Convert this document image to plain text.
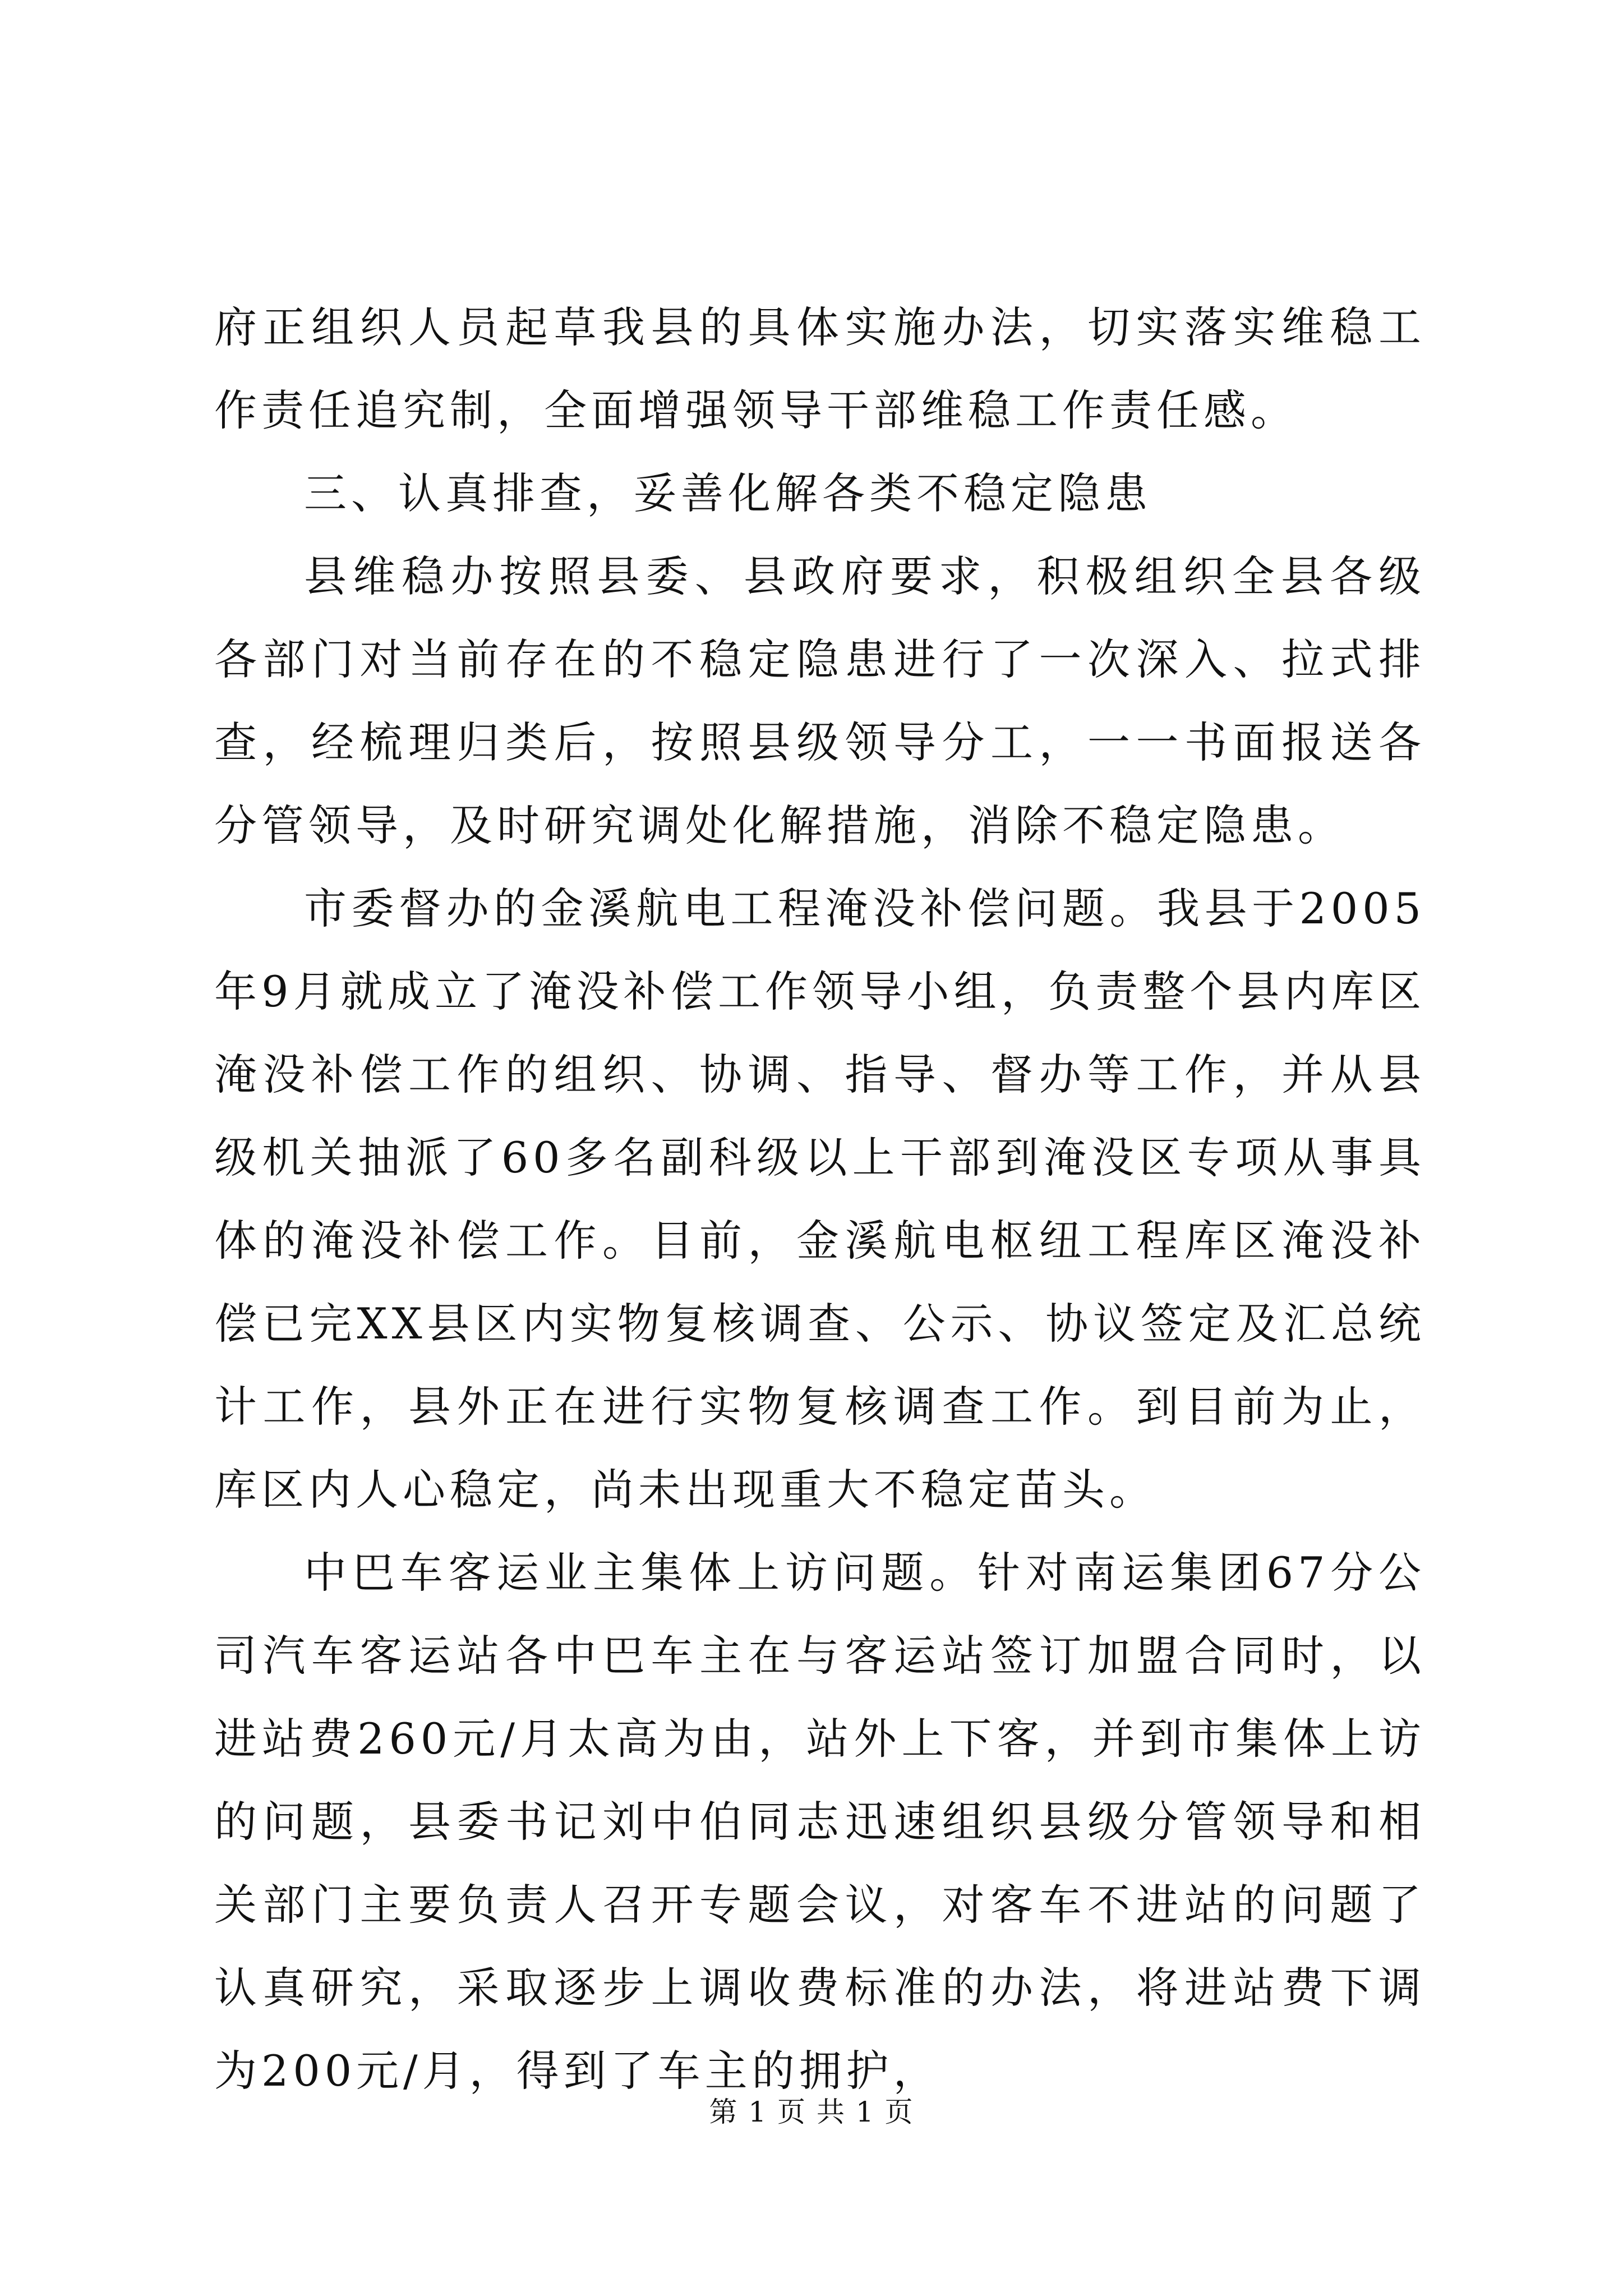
府正组织人员起草我县的具体实施办法，切实落实维稳工作责任追究制，全面增强领导干部维稳工作责任感。

三、认真排查，妥善化解各类不稳定隐患

县维稳办按照县委、县政府要求，积极组织全县各级各部门对当前存在的不稳定隐患进行了一次深入、拉式排查，经梳理归类后，按照县级领导分工，一一书面报送各分管领导，及时研究调处化解措施，消除不稳定隐患。

市委督办的金溪航电工程淹没补偿问题。我县于2005年9月就成立了淹没补偿工作领导小组，负责整个县内库区淹没补偿工作的组织、协调、指导、督办等工作，并从县级机关抽派了60多名副科级以上干部到淹没区专项从事具体的淹没补偿工作。目前，金溪航电枢纽工程库区淹没补偿已完XX县区内实物复核调查、公示、协议签定及汇总统计工作，县外正在进行实物复核调查工作。到目前为止，库区内人心稳定，尚未出现重大不稳定苗头。

中巴车客运业主集体上访问题。针对南运集团67分公司汽车客运站各中巴车主在与客运站签订加盟合同时，以进站费260元/月太高为由，站外上下客，并到市集体上访的问题，县委书记刘中伯同志迅速组织县级分管领导和相关部门主要负责人召开专题会议，对客车不进站的问题了认真研究，采取逐步上调收费标准的办法，将进站费下调为200元/月，得到了车主的拥护，

第 1 页 共 1 页
